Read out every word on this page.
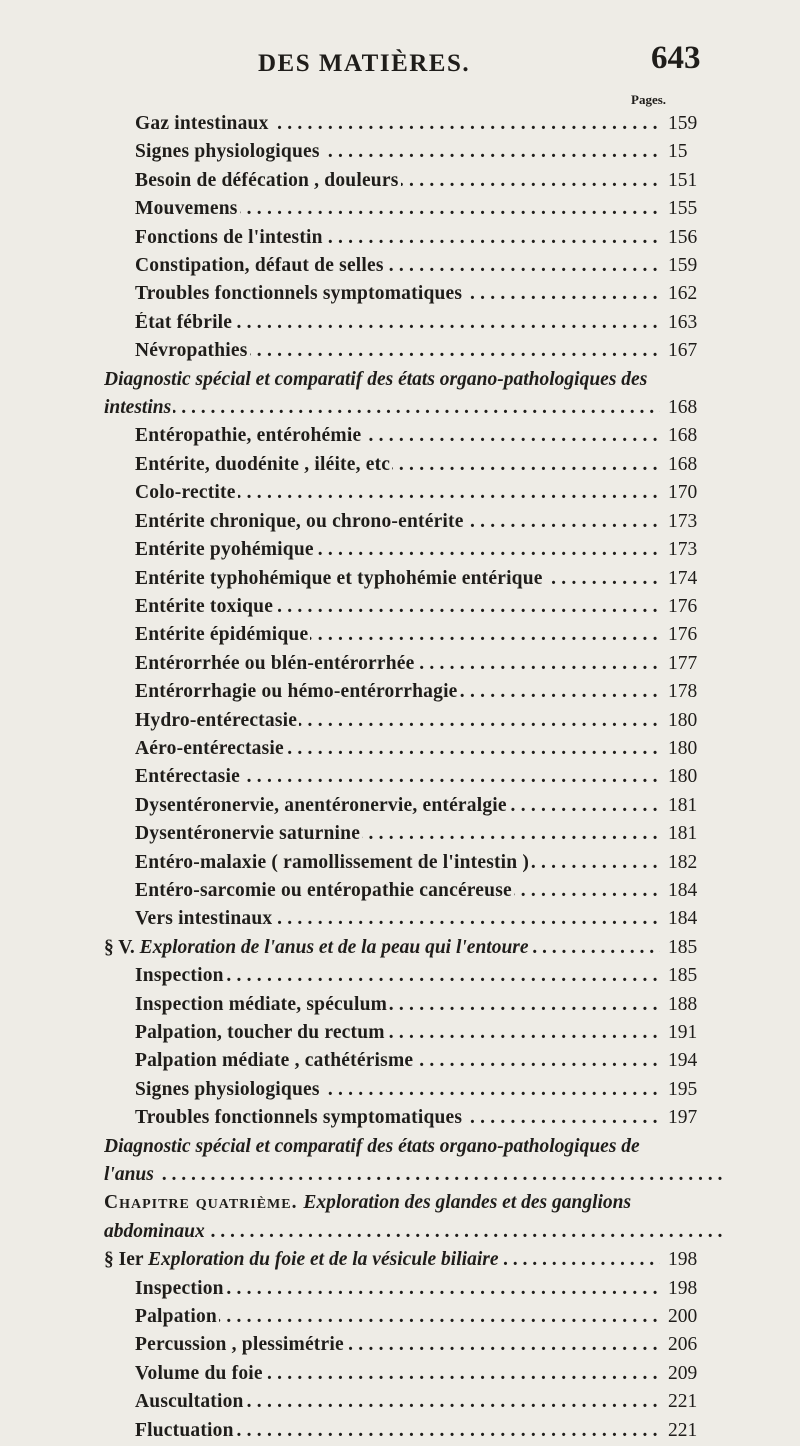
DES MATIÈRES.	643
Pages.
Gaz intestinaux . . .	159
Signes physiologiques . . .	15
Besoin de défécation , douleurs . . .	151
Mouvemens . . .	155
Fonctions de l'intestin . . .	156
Constipation, défaut de selles . . .	159
Troubles fonctionnels symptomatiques . . .	162
État fébrile . . .	163
Névropathies . . .	167
Diagnostic spécial et comparatif des états organo-pathologiques des
intestins . . .	168
Entéropathie, entérohémie . . .	168
Entérite, duodénite , iléite, etc . . .	168
Colo-rectite . . .	170
Entérite chronique, ou chrono-entérite . . .	173
Entérite pyohémique . . .	173
Entérite typhohémique et typhohémie entérique . . .	174
Entérite toxique . . .	176
Entérite épidémique . . .	176
Entérorrhée ou blén-entérorrhée . . .	177
Entérorrhagie ou hémo-entérorrhagie . . .	178
Hydro-entérectasie . . .	180
Aéro-entérectasie . . .	180
Entérectasie . . .	180
Dysentéronervie, anentéronervie, entéralgie . . .	181
Dysentéronervie saturnine . . .	181
Entéro-malaxie ( ramollissement de l'intestin ) . . .	182
Entéro-sarcomie ou entéropathie cancéreuse . . .	184
Vers intestinaux . . .	184
§ V. Exploration de l'anus et de la peau qui l'entoure . . .	185
Inspection . . .	185
Inspection médiate, spéculum . . .	188
Palpation, toucher du rectum . . .	191
Palpation médiate , cathétérisme . . .	194
Signes physiologiques . . .	195
Troubles fonctionnels symptomatiques . . .	197
Diagnostic spécial et comparatif des états organo-pathologiques de
l'anus . . .
Chapitre quatrième. Exploration des glandes et des ganglions
abdominaux . . .
§ Ier Exploration du foie et de la vésicule biliaire . . .	198
Inspection . . .	198
Palpation . . .	200
Percussion , plessimétrie . . .	206
Volume du foie . . .	209
Auscultation . . .	221
Fluctuation . . .	221
